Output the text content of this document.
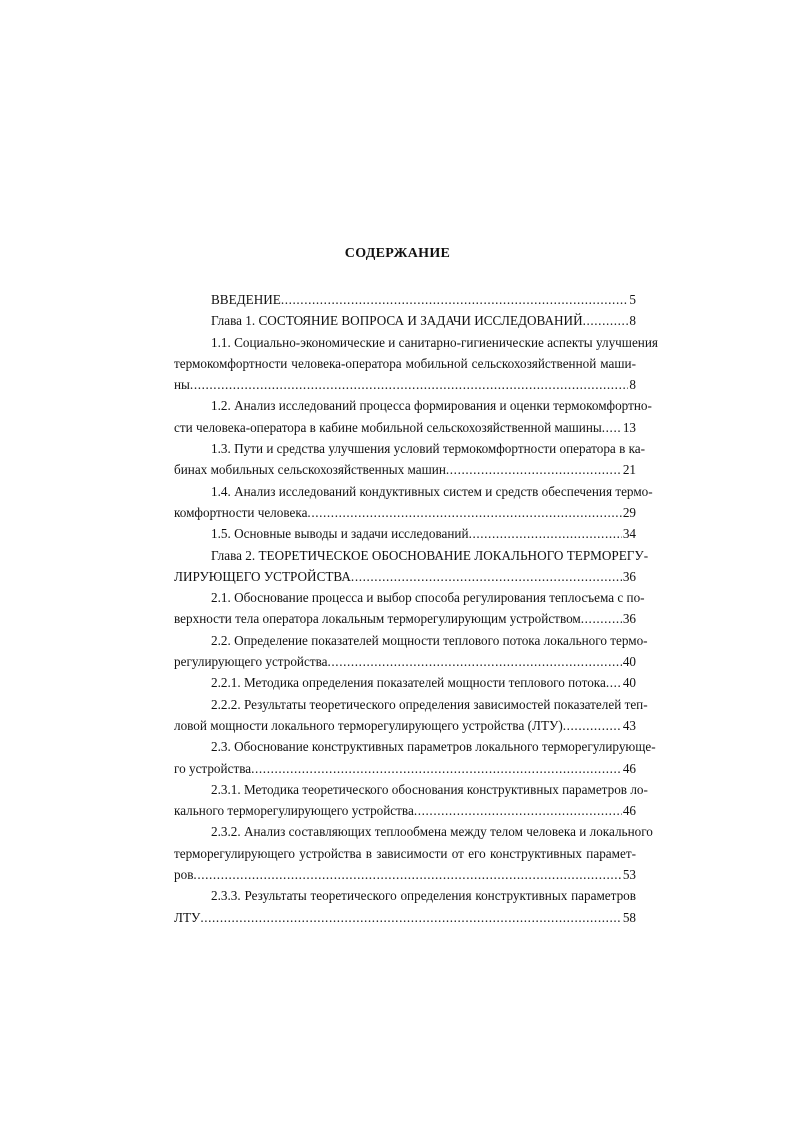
СОДЕРЖАНИЕ
ВВЕДЕНИЕ .....	5
Глава 1. СОСТОЯНИЕ ВОПРОСА И ЗАДАЧИ ИССЛЕДОВАНИЙ .....	8
1.1. Социально-экономические и санитарно-гигиенические аспекты улучшения
термокомфортности человека-оператора мобильной сельскохозяйственной маши-
ны .....	8
1.2. Анализ исследований процесса формирования и оценки термокомфортно-
сти человека-оператора в кабине мобильной сельскохозяйственной машины ..... 13
1.3. Пути и средства улучшения условий термокомфортности оператора в ка-
бинах мобильных сельскохозяйственных машин .....	21
1.4. Анализ исследований кондуктивных систем и средств обеспечения термо-
комфортности человека .....	29
1.5. Основные выводы и задачи исследований .....	34
Глава 2. ТЕОРЕТИЧЕСКОЕ ОБОСНОВАНИЕ ЛОКАЛЬНОГО ТЕРМОРЕГУ-
ЛИРУЮЩЕГО УСТРОЙСТВА .....	36
2.1. Обоснование процесса и выбор способа регулирования теплосъема с по-
верхности тела оператора локальным терморегулирующим устройством .....	36
2.2. Определение показателей мощности теплового потока локального термо-
регулирующего устройства .....	40
2.2.1. Методика определения показателей мощности теплового потока ..... 40
2.2.2. Результаты теоретического определения зависимостей показателей теп-
ловой мощности локального терморегулирующего устройства (ЛТУ) .....	43
2.3. Обоснование конструктивных параметров локального терморегулирующе-
го устройства .....	46
2.3.1. Методика теоретического обоснования конструктивных параметров ло-
кального терморегулирующего устройства .....	46
2.3.2. Анализ составляющих теплообмена между телом человека и локального
терморегулирующего устройства в зависимости от его конструктивных парамет-
ров .....	53
2.3.3. Результаты теоретического определения конструктивных параметров
ЛТУ .....	58
